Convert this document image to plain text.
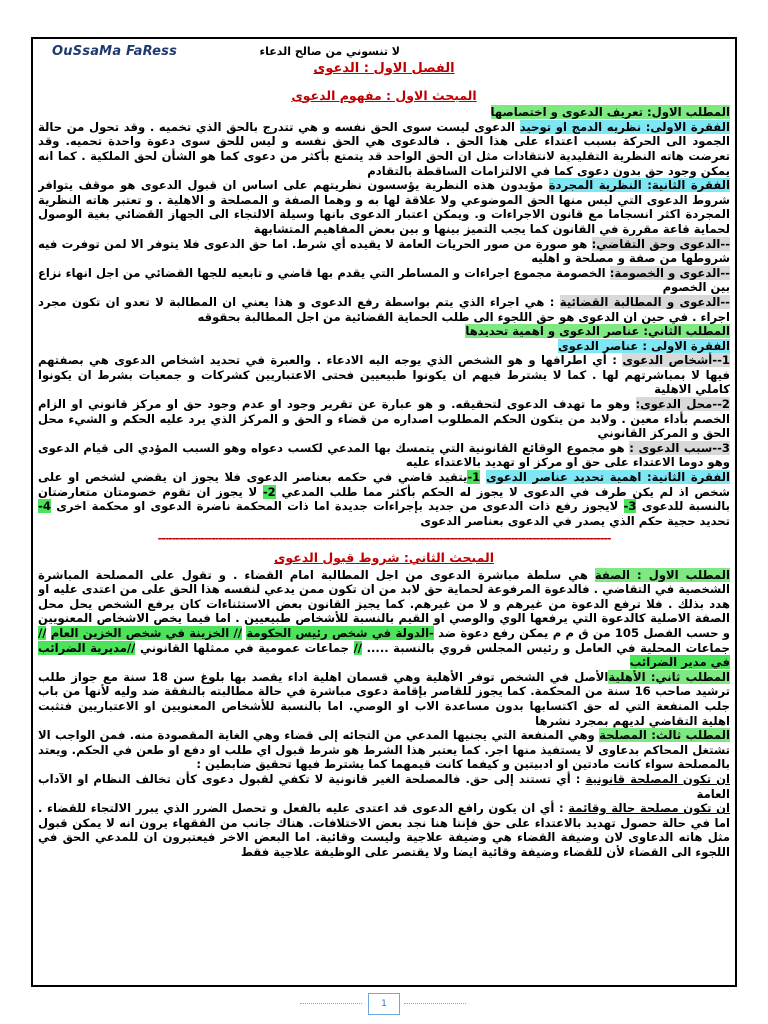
OuSsaMa FaRess	لا تنسوني من صالح الدعاء
الفصل الاول : الدعوى
المبحث الاول : مفهوم الدعوى

المطلب الاول: تعريف الدعوى و اختصاصها

الفقرة الاولى: نظريه الدمج او توحيد الدعوى ليست سوى الحق نفسه و هي تتدرج بالحق الذي تخميه . وقد تحول من حالة الجمود الى الحركة بسبب اعتداء على هذا الحق . فالدعوى هي الحق نفسه و ليس للحق سوى دعوة واحدة تحميه. وقد تعرضت هاته النظرية التقليدية لانتقادات مثل ان الحق الواحد قد يتمتع بأكثر من دعوى كما هو الشأن لحق الملكية . كما انه يمكن وجود حق بدون دعوى كما في الالتزامات الساقطة بالتقادم

الفقرة الثانية: النظرية المجردة مؤيدون هذه النظرية يؤسسون نظريتهم على اساس ان قبول الدعوى هو موقف يتوافر شروط الدعوى التي ليس منها الحق الموضوعي ولا علاقة لها به و وهما الصفة و المصلحة و الاهلية . و تعتبر هاته النظرية المجردة اكثر انسجاما مع قانون الاجراءات و. ويمكن اعتبار الدعوى بانها وسيلة الالتجاء الى الجهاز القضائي بغية الوصول لحماية قاعة مقررة في القانون كما يجب التميز بينها و بين بعض المفاهيم المتشابهة

--الدعوى وحق التقاضي: هو صورة من صور الحريات العامة لا يقيده أي شرط. اما حق الدعوى فلا يتوفر الا لمن توفرت فيه شروطها من صفة و مصلحة و اهليه

--الدعوى و الخصومة: الخصومة مجموع اجراءات و المساطر التي يقدم بها قاضي و تابعيه للجها القضائي من اجل انهاء نزاع بين الخصوم

--الدعوى و المطالبة القضائية : هي اجراء الذي يتم بواسطة رفع الدعوى و هذا يعني ان المطالبة لا تعدو ان تكون مجرد اجراء . في حين ان الدعوى هو حق اللجوء الى طلب الحماية القضائية من اجل المطالبة بحقوقه

المطلب الثاني: عناصر الدعوى و اهمية تحديدها

الفقرة الاولى : عناصر الدعوى

1--أشخاص الدعوى : أي اطرافها و هو الشخص الذي يوجه اليه الادعاء . والعبرة في تحديد اشخاص الدعوى هي بصفتهم فيها لا بمباشرتهم لها . كما لا يشترط فيهم ان يكونوا طبيعيين فحتى الاعتباريين كشركات و جمعيات بشرط ان يكونوا كاملي الاهلية

2--محل الدعوى: وهو ما تهدف الدعوى لتحقيقه. و هو عبارة عن تقرير وجود او عدم وجود حق او مركز قانوني او الزام الخصم بأداء معين . ولابد من يتكون الحكم المطلوب اصداره من قضاء و الحق و المركز الذي يرد عليه الحكم و الشيء محل الحق و المركز القانوني

3--سبب الدعوى : هو مجموع الوقائع القانونية التي يتمسك بها المدعي لكسب دعواه وهو السبب المؤدي الى قيام الدعوى وهو دوما الاعتداء على حق او مركز او تهديد بالاعتداء عليه

الفقرة الثانية: اهمية تحديد عناصر الدعوى 1-يتقيد قاضي في حكمه بعناصر الدعوى فلا يجوز ان يقضي لشخص او على شخص اذ لم يكن طرف في الدعوى لا يجوز له الحكم بأكثر مما طلب المدعي 2- لا يجوز ان تقوم خصومتان متعارضتان بالنسبة للدعوى 3- لايجوز رفع ذات الدعوى من جديد بإجراءات جديدة اما ذات المحكمة ناضرة الدعوى او محكمة اخرى 4-تحديد حجية حكم الذي يصدر في الدعوى بعناصر الدعوى

-------------------------------------------------------------------------------------------------------------------------------
المبحث الثاني: شروط قبول الدعوى

المطلب الاول : الصفة هي سلطة مباشرة الدعوى من اجل المطالبة امام القضاء . و تقول على المصلحة المباشرة الشخصية في التقاضي . فالدعوة المرفوعة لحماية حق لابد من ان تكون ممن يدعي لنفسه هذا الحق على من اعتدى عليه او هدد بذلك . فلا ترفع الدعوة من غيرهم و لا من غيرهم. كما يجيز القانون بعض الاستثناءات كان يرفع الشخص يحل محل الصفة الاصلية كالدعوة التي يرفعها الوي والوصي او القيم بالنسبة للأشخاص طبيعيين . اما فيما يخص الاشخاص المعنويين و حسب الفصل 105 من ق م م يمكن رفع دعوة ضد -الدولة في شخص رئيس الحكومة // الخزينة في شخص الخزين العام // جماعات المحلية في العامل و رئيس المجلس قروي بالنسبة ..... // جماعات عمومية في ممثلها القانوني //مديرية الضرائب في مدير الضرائب

المطلب ثاني: الأهليةالأصل في الشخص توفر الأهلية وهي قسمان اهلية اداء يقصد بها بلوغ سن 18 سنة مع جواز طلب ترشيد صاحب 16 سنة من المحكمة. كما يجوز للقاصر بإقامة دعوى مباشرة في حالة مطالبته بالنفقة ضد وليه لأنها من باب جلب المنفعة التي له حق اكتسابها بدون مساعدة الاب او الوصي. اما بالنسبة للأشخاص المعنويين او الاعتباريين فتثبت اهلية التقاضي لديهم بمجرد نشرها

المطلب ثالث: المصلحة وهي المنفعة التي يجنيها المدعي من التجائه إلى قضاء وهي الغاية المقصودة منه. فمن الواجب الا تشتغل المحاكم بدعاوى لا يستفيذ منها اجر. كما يعتبر هذا الشرط هو شرط قبول اي طلب او دفع او طعن في الحكم. ويعتد بالمصلحة سواء كانت مادتين او ادبيتين و كيفما كانت قيمهما كما يشترط فيها تحقيق ضابطين :

ان تكون المصلحة قانونية : أي تستند إلى حق. فالمصلحة الغير قانونية لا تكفي لقبول دعوى كأن تخالف النظام او الآداب العامة

ان تكون مصلحة حالة وقائمة : أي ان يكون رافع الدعوى قد اعتدى عليه بالفعل و تحصل الضرر الذي يبرر الالتجاء للقضاء . اما في حالة حصول تهديد بالاعتداء على حق فإننا هنا نجد بعض الاختلافات. هناك جانب من الفقهاء يرون انه لا يمكن قبول مثل هاته الدعاوى لان وضيفة القضاء هي وضيفة علاجية وليست وقائية. اما البعض الاخر فيعتبرون ان للمدعي الحق في اللجوء الى القضاء لأن للقضاء وضيفة وقائية ايضا ولا يقتصر على الوظيفة علاجية فقط

1
